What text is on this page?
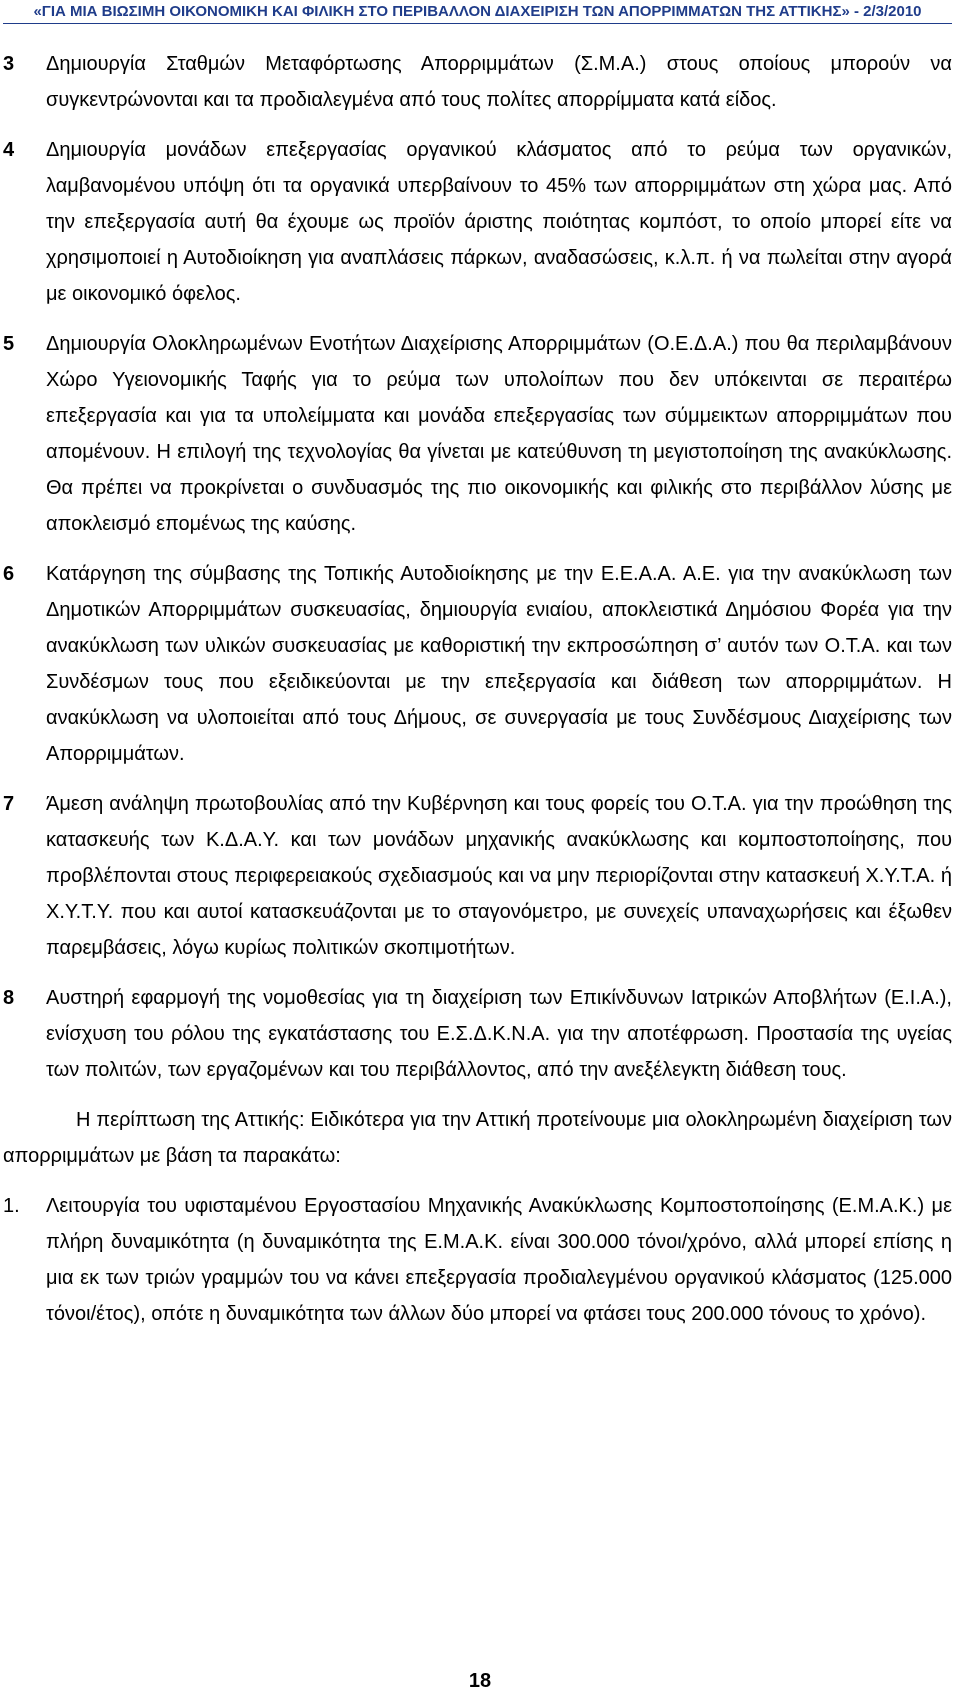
«ΓΙΑ ΜΙΑ ΒΙΩΣΙΜΗ ΟΙΚΟΝΟΜΙΚΗ ΚΑΙ ΦΙΛΙΚΗ ΣΤΟ ΠΕΡΙΒΑΛΛΟΝ ΔΙΑΧΕΙΡΙΣΗ ΤΩΝ ΑΠΟΡΡΙΜΜΑΤΩΝ ΤΗΣ ΑΤΤΙΚΗΣ» - 2/3/2010
3	Δημιουργία Σταθμών Μεταφόρτωσης Απορριμμάτων (Σ.Μ.Α.) στους οποίους μπορούν να συγκεντρώνονται και τα προδιαλεγμένα από τους πολίτες απορρίμματα κατά είδος.
4	Δημιουργία μονάδων επεξεργασίας οργανικού κλάσματος από το ρεύμα των οργανικών, λαμβανομένου υπόψη ότι τα οργανικά υπερβαίνουν το 45% των απορριμμάτων στη χώρα μας. Από την επεξεργασία αυτή θα έχουμε ως προϊόν άριστης ποιότητας κομπόστ, το οποίο μπορεί είτε να χρησιμοποιεί η Αυτοδιοίκηση για αναπλάσεις πάρκων, αναδασώσεις, κ.λ.π. ή να πωλείται στην αγορά με οικονομικό όφελος.
5	Δημιουργία Ολοκληρωμένων Ενοτήτων Διαχείρισης Απορριμμάτων (Ο.Ε.Δ.Α.) που θα περιλαμβάνουν Χώρο Υγειονομικής Ταφής για το ρεύμα των υπολοίπων που δεν υπόκεινται σε περαιτέρω επεξεργασία και για τα υπολείμματα και μονάδα επεξεργασίας των σύμμεικτων απορριμμάτων που απομένουν. Η επιλογή της τεχνολογίας θα γίνεται με κατεύθυνση τη μεγιστοποίηση της ανακύκλωσης. Θα πρέπει να προκρίνεται ο συνδυασμός της πιο οικονομικής και φιλικής στο περιβάλλον λύσης με αποκλεισμό επομένως της καύσης.
6	Κατάργηση της σύμβασης της Τοπικής Αυτοδιοίκησης με την Ε.Ε.Α.Α. Α.Ε. για την ανακύκλωση των Δημοτικών Απορριμμάτων συσκευασίας, δημιουργία ενιαίου, αποκλειστικά Δημόσιου Φορέα για την ανακύκλωση των υλικών συσκευασίας με καθοριστική την εκπροσώπηση σ’ αυτόν των Ο.Τ.Α. και των Συνδέσμων τους που εξειδικεύονται με την επεξεργασία και διάθεση των απορριμμάτων. Η ανακύκλωση να υλοποιείται από τους Δήμους, σε συνεργασία με τους Συνδέσμους Διαχείρισης των Απορριμμάτων.
7	Άμεση ανάληψη πρωτοβουλίας από την Κυβέρνηση και τους φορείς του Ο.Τ.Α. για την προώθηση της κατασκευής των Κ.Δ.Α.Υ. και των μονάδων μηχανικής ανακύκλωσης και κομποστοποίησης, που προβλέπονται στους περιφερειακούς σχεδιασμούς και να μην περιορίζονται στην κατασκευή Χ.Υ.Τ.Α. ή Χ.Υ.Τ.Υ. που και αυτοί κατασκευάζονται με το σταγονόμετρο, με συνεχείς υπαναχωρήσεις και έξωθεν παρεμβάσεις, λόγω κυρίως πολιτικών σκοπιμοτήτων.
8	Αυστηρή εφαρμογή της νομοθεσίας για τη διαχείριση των Επικίνδυνων Ιατρικών Αποβλήτων (Ε.Ι.Α.), ενίσχυση του ρόλου της εγκατάστασης του Ε.Σ.Δ.Κ.Ν.Α. για την αποτέφρωση. Προστασία της υγείας των πολιτών, των εργαζομένων και του περιβάλλοντος, από την ανεξέλεγκτη διάθεση τους.

Η περίπτωση της Αττικής: Ειδικότερα για την Αττική προτείνουμε μια ολοκληρωμένη διαχείριση των απορριμμάτων με βάση τα παρακάτω:

1.	Λειτουργία του υφισταμένου Εργοστασίου Μηχανικής Ανακύκλωσης Κομποστοποίησης (Ε.Μ.Α.Κ.) με πλήρη δυναμικότητα (η δυναμικότητα της Ε.Μ.Α.Κ. είναι 300.000 τόνοι/χρόνο, αλλά μπορεί επίσης η μια εκ των τριών γραμμών του να κάνει επεξεργασία προδιαλεγμένου οργανικού κλάσματος (125.000 τόνοι/έτος), οπότε η δυναμικότητα των άλλων δύο μπορεί να φτάσει τους 200.000 τόνους το χρόνο).
18
